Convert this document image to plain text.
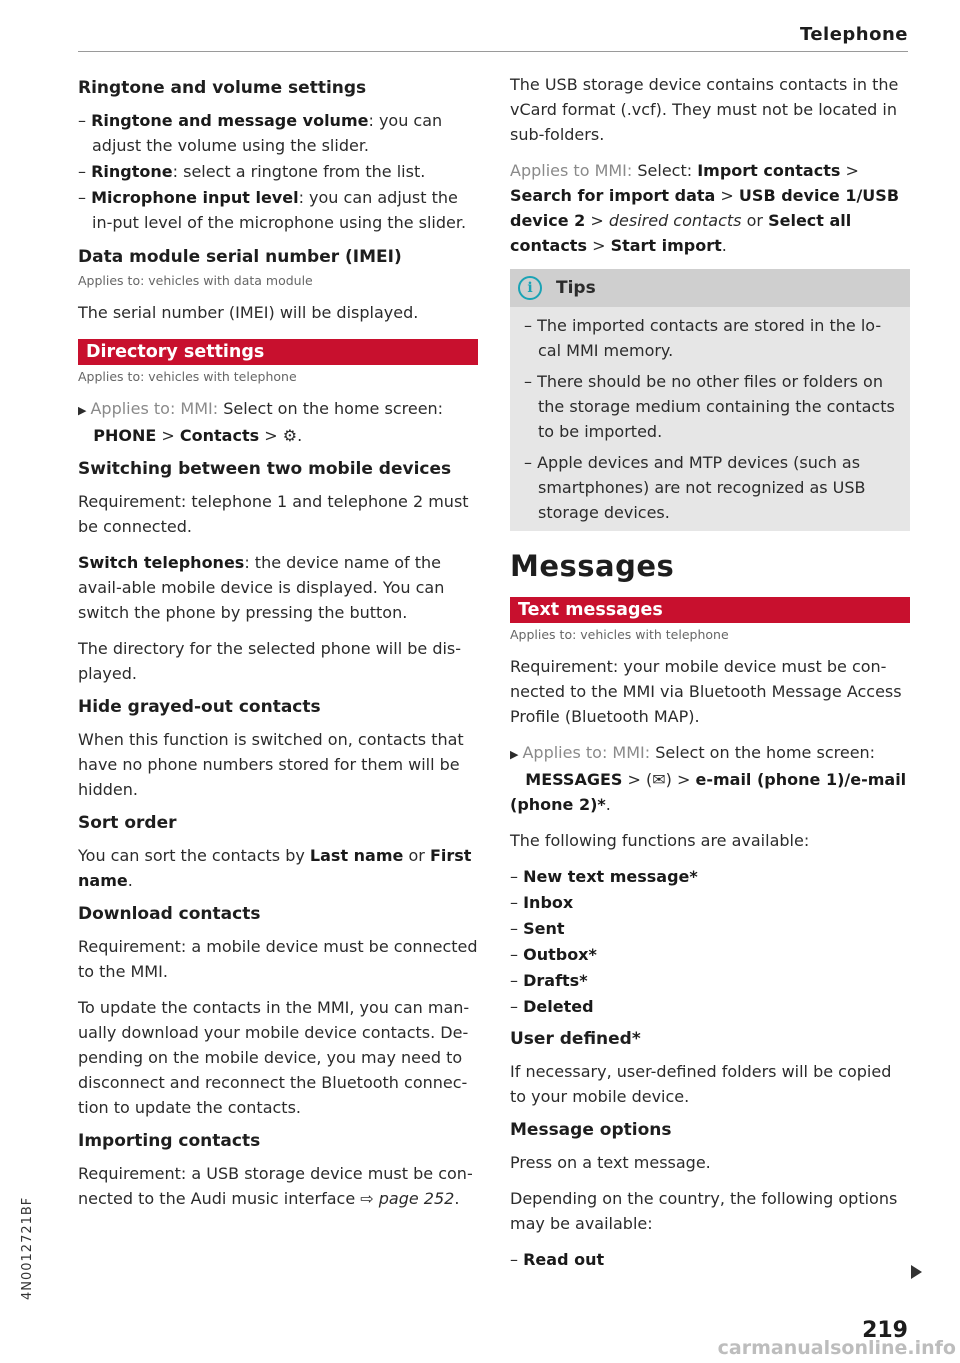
Telephone
Ringtone and volume settings
– Ringtone and message volume: you can adjust the volume using the slider.
– Ringtone: select a ringtone from the list.
– Microphone input level: you can adjust the in-put level of the microphone using the slider.
Data module serial number (IMEI)
Applies to: vehicles with data module

The serial number (IMEI) will be displayed.

Directory settings
Applies to: vehicles with telephone

▶ Applies to: MMI: Select on the home screen:
PHONE > Contacts > ⚙.

Switching between two mobile devices

Requirement: telephone 1 and telephone 2 must be connected.

Switch telephones: the device name of the avail-able mobile device is displayed. You can switch the phone by pressing the button.

The directory for the selected phone will be dis-played.

Hide grayed-out contacts

When this function is switched on, contacts that have no phone numbers stored for them will be hidden.

Sort order

You can sort the contacts by Last name or First name.

Download contacts

Requirement: a mobile device must be connected to the MMI.

To update the contacts in the MMI, you can man-ually download your mobile device contacts. De-pending on the mobile device, you may need to disconnect and reconnect the Bluetooth connec-tion to update the contacts.

Importing contacts

Requirement: a USB storage device must be con-nected to the Audi music interface ⇨ page 252.

The USB storage device contains contacts in the vCard format (.vcf). They must not be located in sub-folders.

Applies to MMI: Select: Import contacts > Search for import data > USB device 1/USB device 2 > desired contacts or Select all contacts > Start import.

i	Tips
– The imported contacts are stored in the lo-cal MMI memory.
– There should be no other files or folders on the storage medium containing the contacts to be imported.
– Apple devices and MTP devices (such as smartphones) are not recognized as USB storage devices.
Messages
Text messages
Applies to: vehicles with telephone

Requirement: your mobile device must be con-nected to the MMI via Bluetooth Message Access Profile (Bluetooth MAP).

▶ Applies to: MMI: Select on the home screen:
MESSAGES > (✉) > e-mail (phone 1)/e-mail (phone 2)*.

The following functions are available:

– New text message*
– Inbox
– Sent
– Outbox*
– Drafts*
– Deleted
User defined*

If necessary, user-defined folders will be copied to your mobile device.

Message options

Press on a text message.

Depending on the country, the following options may be available:

– Read out
4N0012721BF
219
carmanualsonline.info
